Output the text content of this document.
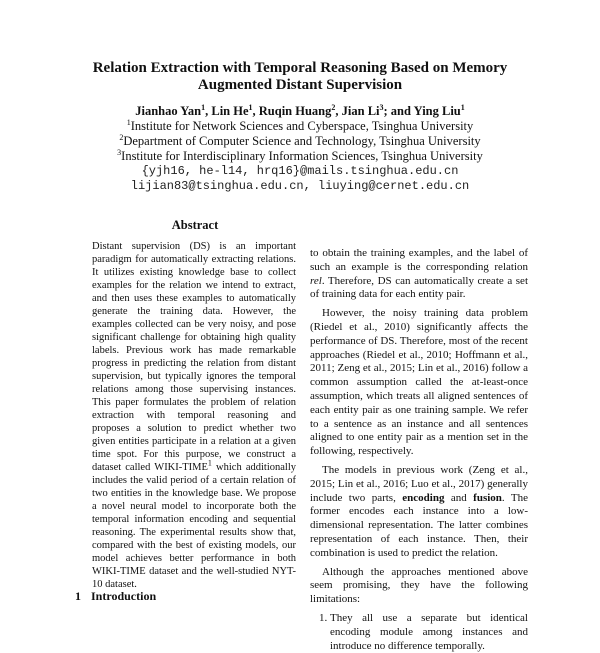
Relation Extraction with Temporal Reasoning Based on Memory
Augmented Distant Supervision
Jianhao Yan$^1$, Lin He$^1$, Ruqin Huang$^2$, Jian Li$^3$; and Ying Liu$^1$
$^1$Institute for Network Sciences and Cyberspace, Tsinghua University
$^2$Department of Computer Science and Technology, Tsinghua University
$^3$Institute for Interdisciplinary Information Sciences, Tsinghua University
{yjh16, he-l14, hrq16}@mails.tsinghua.edu.cn
lijian83@tsinghua.edu.cn, liuying@cernet.edu.cn
Abstract

Distant supervision (DS) is an important paradigm for automatically extracting relations. It utilizes existing knowledge base to collect examples for the relation we intend to extract, and then uses these examples to automatically generate the training data. However, the examples collected can be very noisy, and pose significant challenge for obtaining high quality labels. Previous work has made remarkable progress in predicting the relation from distant supervision, but typically ignores the temporal relations among those supervising instances. This paper formulates the problem of relation extraction with temporal reasoning and proposes a solution to predict whether two given entities participate in a relation at a given time spot. For this purpose, we construct a dataset called WIKI-TIME$^1$ which additionally includes the valid period of a certain relation of two entities in the knowledge base. We propose a novel neural model to incorporate both the temporal information encoding and sequential reasoning. The experimental results show that, compared with the best of existing models, our model achieves better performance in both WIKI-TIME dataset and the well-studied NYT-10 dataset.

1 Introduction

to obtain the training examples, and the label of such an example is the corresponding relation rel. Therefore, DS can automatically create a set of training data for each entity pair.

However, the noisy training data problem (Riedel et al., 2010) significantly affects the performance of DS. Therefore, most of the recent approaches (Riedel et al., 2010; Hoffmann et al., 2011; Zeng et al., 2015; Lin et al., 2016) follow a common assumption called the at-least-once assumption, which treats all aligned sentences of each entity pair as one training sample. We refer to a sentence as an instance and all sentences aligned to one entity pair as a mention set in the following, respectively.

The models in previous work (Zeng et al., 2015; Lin et al., 2016; Luo et al., 2017) generally include two parts, encoding and fusion. The former encodes each instance into a low-dimensional representation. The latter combines representation of each instance. Then, their combination is used to predict the relation.

Although the approaches mentioned above seem promising, they have the following limitations:

1. They all use a separate but identical encoding module among instances and introduce no difference temporally.
